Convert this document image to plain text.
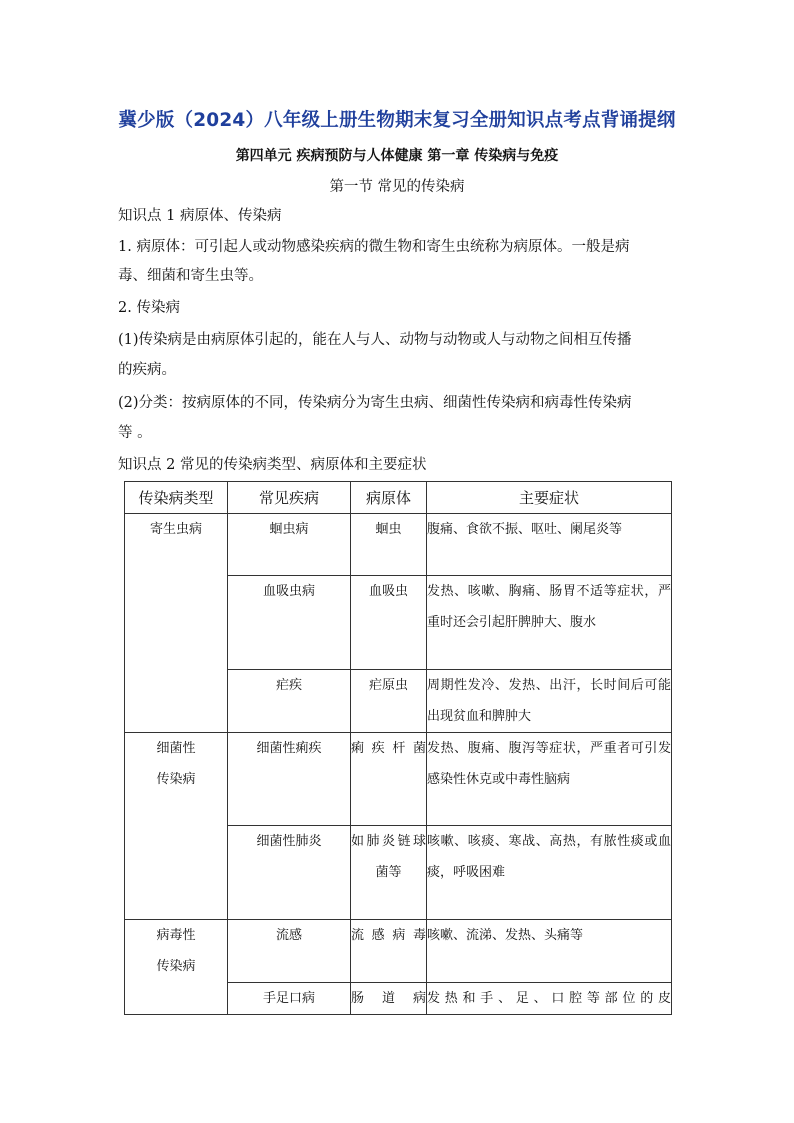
冀少版（2024）八年级上册生物期末复习全册知识点考点背诵提纲
第四单元 疾病预防与人体健康 第一章 传染病与免疫
第一节 常见的传染病
知识点 1 病原体、传染病
1. 病原体：可引起人或动物感染疾病的微生物和寄生虫统称为病原体。一般是病
毒、细菌和寄生虫等。
2. 传染病
(1)传染病是由病原体引起的，能在人与人、动物与动物或人与动物之间相互传播
的疾病。
(2)分类：按病原体的不同，传染病分为寄生虫病、细菌性传染病和病毒性传染病
等 。
知识点 2 常见的传染病类型、病原体和主要症状
传染病类型	常见疾病	病原体	主要症状
寄生虫病	蛔虫病	蛔虫	腹痛、食欲不振、呕吐、阑尾炎等
	血吸虫病	血吸虫	发热、咳嗽、胸痛、肠胃不适等症状，严重时还会引起肝脾肿大、腹水
	疟疾	疟原虫	周期性发冷、发热、出汗，长时间后可能出现贫血和脾肿大

细菌性
传染病	细菌性痢疾	痢疾杆菌	发热、腹痛、腹泻等症状，严重者可引发感染性休克或中毒性脑病
	细菌性肺炎	如肺炎链球菌等	咳嗽、咳痰、寒战、高热，有脓性痰或血痰，呼吸困难

病毒性
传染病	流感	流感病毒	咳嗽、流涕、发热、头痛等
	手足口病	肠道病	发热和手、足、口腔等部位的皮
